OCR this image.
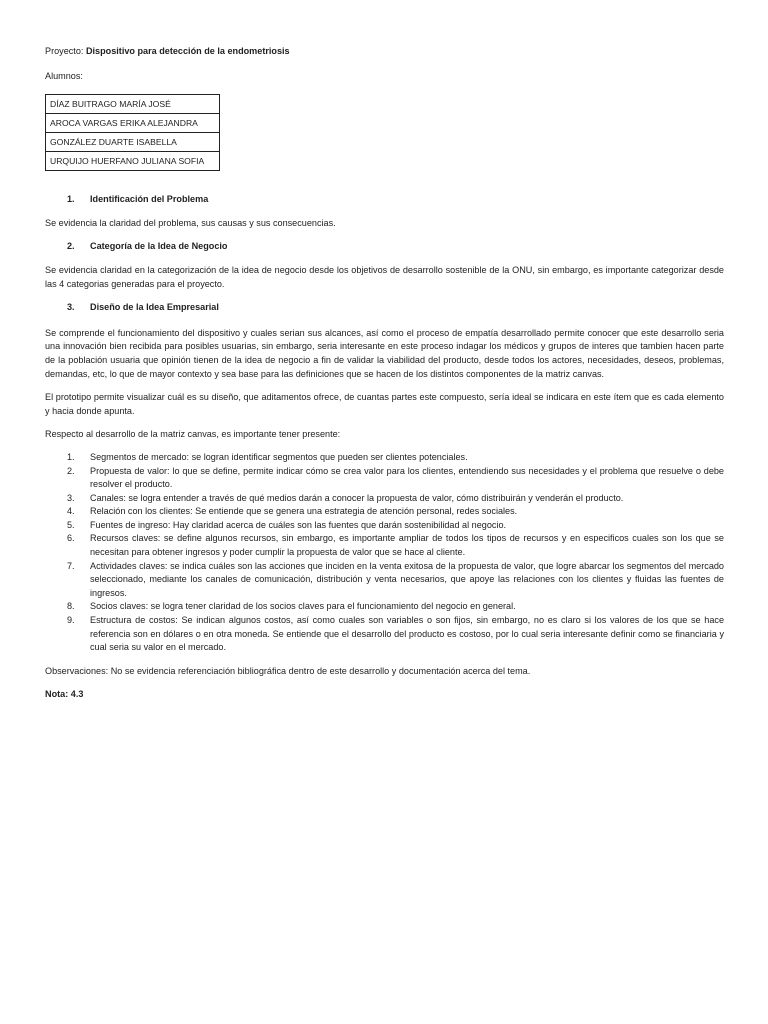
Proyecto: Dispositivo para detección de la endometriosis

Alumnos:

DÍAZ BUITRAGO MARÍA JOSÉ
AROCA VARGAS ERIKA ALEJANDRA
GONZÁLEZ DUARTE ISABELLA
URQUIJO HUERFANO JULIANA SOFIA
1.	Identificación del Problema

Se evidencia la claridad del problema, sus causas y sus consecuencias.

2.	Categoría de la Idea de Negocio

Se evidencia claridad en la categorización de la idea de negocio desde los objetivos de desarrollo sostenible de la ONU, sin embargo, es importante categorizar desde las 4 categorias generadas para el proyecto.

3.	Diseño de la Idea Empresarial

Se comprende el funcionamiento del dispositivo y cuales serian sus alcances, así como el proceso de empatía desarrollado permite conocer que este desarrollo seria una innovación bien recibida para posibles usuarias, sin embargo, seria interesante en este proceso indagar los médicos y grupos de interes que tambien hacen parte de la población usuaria que opinión tienen de la idea de negocio a fin de validar la viabilidad del producto, desde todos los actores, necesidades, deseos, problemas, demandas, etc, lo que de mayor contexto y sea base para las definiciones que se hacen de los distintos componentes de la matriz canvas.

El prototipo permite visualizar cuál es su diseño, que aditamentos ofrece, de cuantas partes este compuesto, sería ideal se indicara en este ítem que es cada elemento y hacia donde apunta.

Respecto al desarrollo de la matriz canvas, es importante tener presente:

1.	Segmentos de mercado: se logran identificar segmentos que pueden ser clientes potenciales.
2.	Propuesta de valor: lo que se define, permite indicar cómo se crea valor para los clientes, entendiendo sus necesidades y el problema que resuelve o debe resolver el producto.
3.	Canales: se logra entender a través de qué medios darán a conocer la propuesta de valor, cómo distribuirán y venderán el producto.
4.	Relación con los clientes: Se entiende que se genera una estrategia de atención personal, redes sociales.
5.	Fuentes de ingreso: Hay claridad acerca de cuáles son las fuentes que darán sostenibilidad al negocio.
6.	Recursos claves: se define algunos recursos, sin embargo, es importante ampliar de todos los tipos de recursos y en especificos cuales son los que se necesitan para obtener ingresos y poder cumplir la propuesta de valor que se hace al cliente.
7.	Actividades claves: se indica cuáles son las acciones que inciden en la venta exitosa de la propuesta de valor, que logre abarcar los segmentos del mercado seleccionado, mediante los canales de comunicación, distribución y venta necesarios, que apoye las relaciones con los clientes y fluidas las fuentes de ingresos.
8.	Socios claves: se logra tener claridad de los socios claves para el funcionamiento del negocio en general.
9.	Estructura de costos: Se indican algunos costos, así como cuales son variables o son fijos, sin embargo, no es claro si los valores de los que se hace referencia son en dólares o en otra moneda. Se entiende que el desarrollo del producto es costoso, por lo cual seria interesante definir como se financiaria y cual seria su valor en el mercado.

Observaciones: No se evidencia referenciación bibliográfica dentro de este desarrollo y documentación acerca del tema.

Nota: 4.3
